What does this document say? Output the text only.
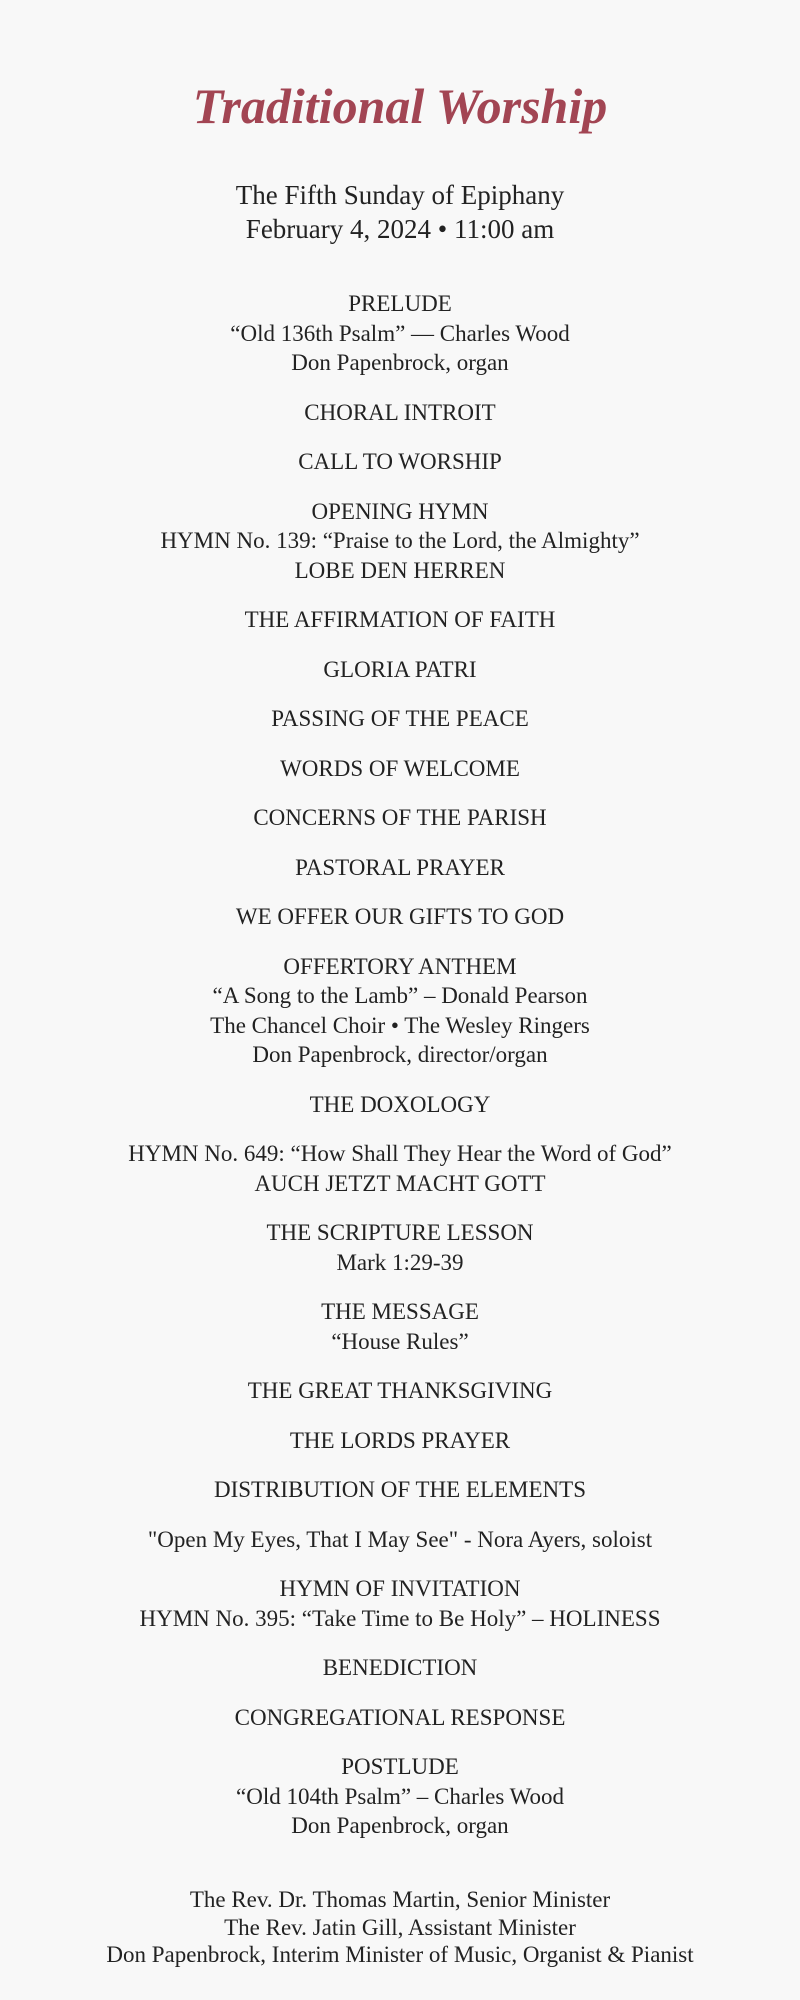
Traditional Worship
The Fifth Sunday of Epiphany
February 4, 2024 • 11:00 am
PRELUDE
“Old 136th Psalm” — Charles Wood
Don Papenbrock, organ
CHORAL INTROIT
CALL TO WORSHIP
OPENING HYMN
HYMN No. 139: “Praise to the Lord, the Almighty”
LOBE DEN HERREN
THE AFFIRMATION OF FAITH
GLORIA PATRI
PASSING OF THE PEACE
WORDS OF WELCOME
CONCERNS OF THE PARISH
PASTORAL PRAYER
WE OFFER OUR GIFTS TO GOD
OFFERTORY ANTHEM
“A Song to the Lamb” – Donald Pearson
The Chancel Choir • The Wesley Ringers
Don Papenbrock, director/organ
THE DOXOLOGY
HYMN No. 649: “How Shall They Hear the Word of God”
AUCH JETZT MACHT GOTT
THE SCRIPTURE LESSON
Mark 1:29-39
THE MESSAGE
“House Rules”
THE GREAT THANKSGIVING
THE LORDS PRAYER
DISTRIBUTION OF THE ELEMENTS
"Open My Eyes, That I May See" - Nora Ayers, soloist
HYMN OF INVITATION
HYMN No. 395: “Take Time to Be Holy” – HOLINESS
BENEDICTION
CONGREGATIONAL RESPONSE
POSTLUDE
“Old 104th Psalm” – Charles Wood
Don Papenbrock, organ
The Rev. Dr. Thomas Martin, Senior Minister
The Rev. Jatin Gill, Assistant Minister
Don Papenbrock, Interim Minister of Music, Organist & Pianist
